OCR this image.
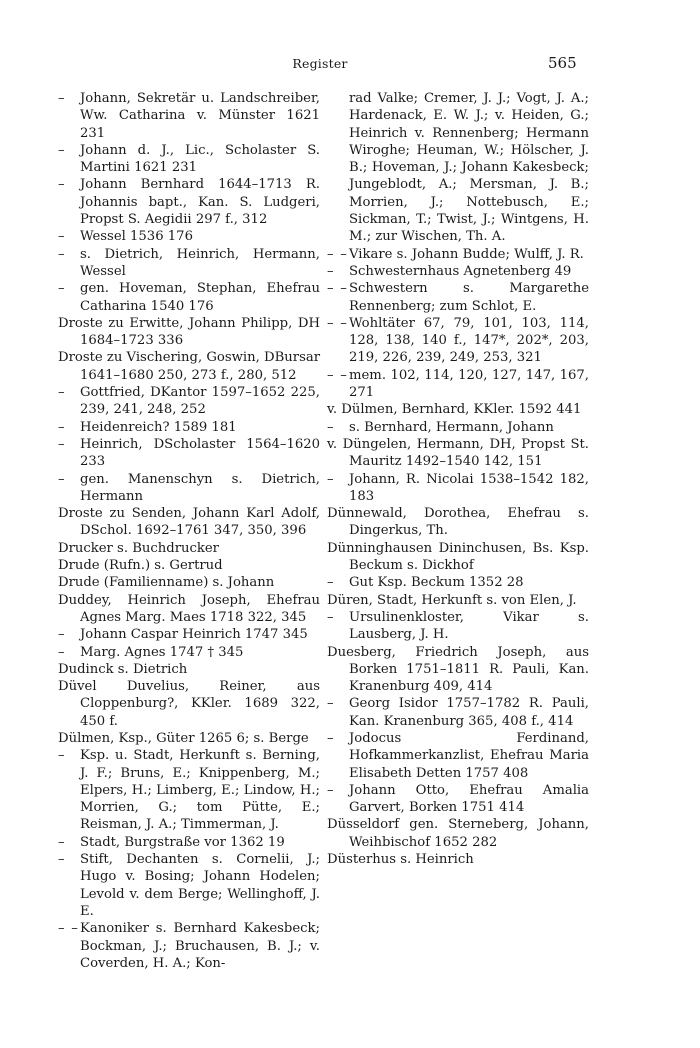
Register	565

– Johann, Sekretär u. Landschreiber, Ww. Catharina v. Münster 1621 231

– Johann d. J., Lic., Scholaster S. Martini 1621 231

– Johann Bernhard 1644–1713 R. Johannis bapt., Kan. S. Ludgeri, Propst S. Aegidii 297 f., 312

– Wessel 1536 176

– s. Dietrich, Heinrich, Hermann, Wessel

– gen. Hoveman, Stephan, Ehefrau Catharina 1540 176

Droste zu Erwitte, Johann Philipp, DH 1684–1723 336

Droste zu Vischering, Goswin, DBursar 1641–1680 250, 273 f., 280, 512

– Gottfried, DKantor 1597–1652 225, 239, 241, 248, 252

– Heidenreich? 1589 181

– Heinrich, DScholaster 1564–1620 233

– gen. Manenschyn s. Dietrich, Hermann

Droste zu Senden, Johann Karl Adolf, DSchol. 1692–1761 347, 350, 396

Drucker s. Buchdrucker

Drude (Rufn.) s. Gertrud

Drude (Familienname) s. Johann

Duddey, Heinrich Joseph, Ehefrau Agnes Marg. Maes 1718 322, 345

– Johann Caspar Heinrich 1747 345

– Marg. Agnes 1747 † 345

Dudinck s. Dietrich

Düvel Duvelius, Reiner, aus Cloppenburg?, KKler. 1689 322, 450 f.

Dülmen, Ksp., Güter 1265 6; s. Berge

– Ksp. u. Stadt, Herkunft s. Berning, J. F.; Bruns, E.; Knippenberg, M.; Elpers, H.; Limberg, E.; Lindow, H.; Morrien, G.; tom Pütte, E.; Reisman, J. A.; Timmerman, J.

– Stadt, Burgstraße vor 1362 19

– Stift, Dechanten s. Cornelii, J.; Hugo v. Bosing; Johann Hodelen; Levold v. dem Berge; Wellinghoff, J. E.

– – Kanoniker s. Bernhard Kakesbeck; Bockman, J.; Bruchausen, B. J.; v. Coverden, H. A.; Kon-

rad Valke; Cremer, J. J.; Vogt, J. A.; Hardenack, E. W. J.; v. Heiden, G.; Heinrich v. Rennenberg; Hermann Wiroghe; Heuman, W.; Hölscher, J. B.; Hoveman, J.; Johann Kakesbeck; Jungeblodt, A.; Mersman, J. B.; Morrien, J.; Nottebusch, E.; Sickman, T.; Twist, J.; Wintgens, H. M.; zur Wischen, Th. A.

– – Vikare s. Johann Budde; Wulff, J. R.

– Schwesternhaus Agnetenberg 49

– – Schwestern s. Margarethe Rennenberg; zum Schlot, E.

– – Wohltäter 67, 79, 101, 103, 114, 128, 138, 140 f., 147*, 202*, 203, 219, 226, 239, 249, 253, 321

– – mem. 102, 114, 120, 127, 147, 167, 271

v. Dülmen, Bernhard, KKler. 1592 441

– s. Bernhard, Hermann, Johann

v. Düngelen, Hermann, DH, Propst St. Mauritz 1492–1540 142, 151

– Johann, R. Nicolai 1538–1542 182, 183

Dünnewald, Dorothea, Ehefrau s. Dingerkus, Th.

Dünninghausen Dininchusen, Bs. Ksp. Beckum s. Dickhof

– Gut Ksp. Beckum 1352 28

Düren, Stadt, Herkunft s. von Elen, J.

– Ursulinenkloster, Vikar s. Lausberg, J. H.

Duesberg, Friedrich Joseph, aus Borken 1751–1811 R. Pauli, Kan. Kranenburg 409, 414

– Georg Isidor 1757–1782 R. Pauli, Kan. Kranenburg 365, 408 f., 414

– Jodocus Ferdinand, Hofkammerkanzlist, Ehefrau Maria Elisabeth Detten 1757 408

– Johann Otto, Ehefrau Amalia Garvert, Borken 1751 414

Düsseldorf gen. Sterneberg, Johann, Weihbischof 1652 282

Düsterhus s. Heinrich
